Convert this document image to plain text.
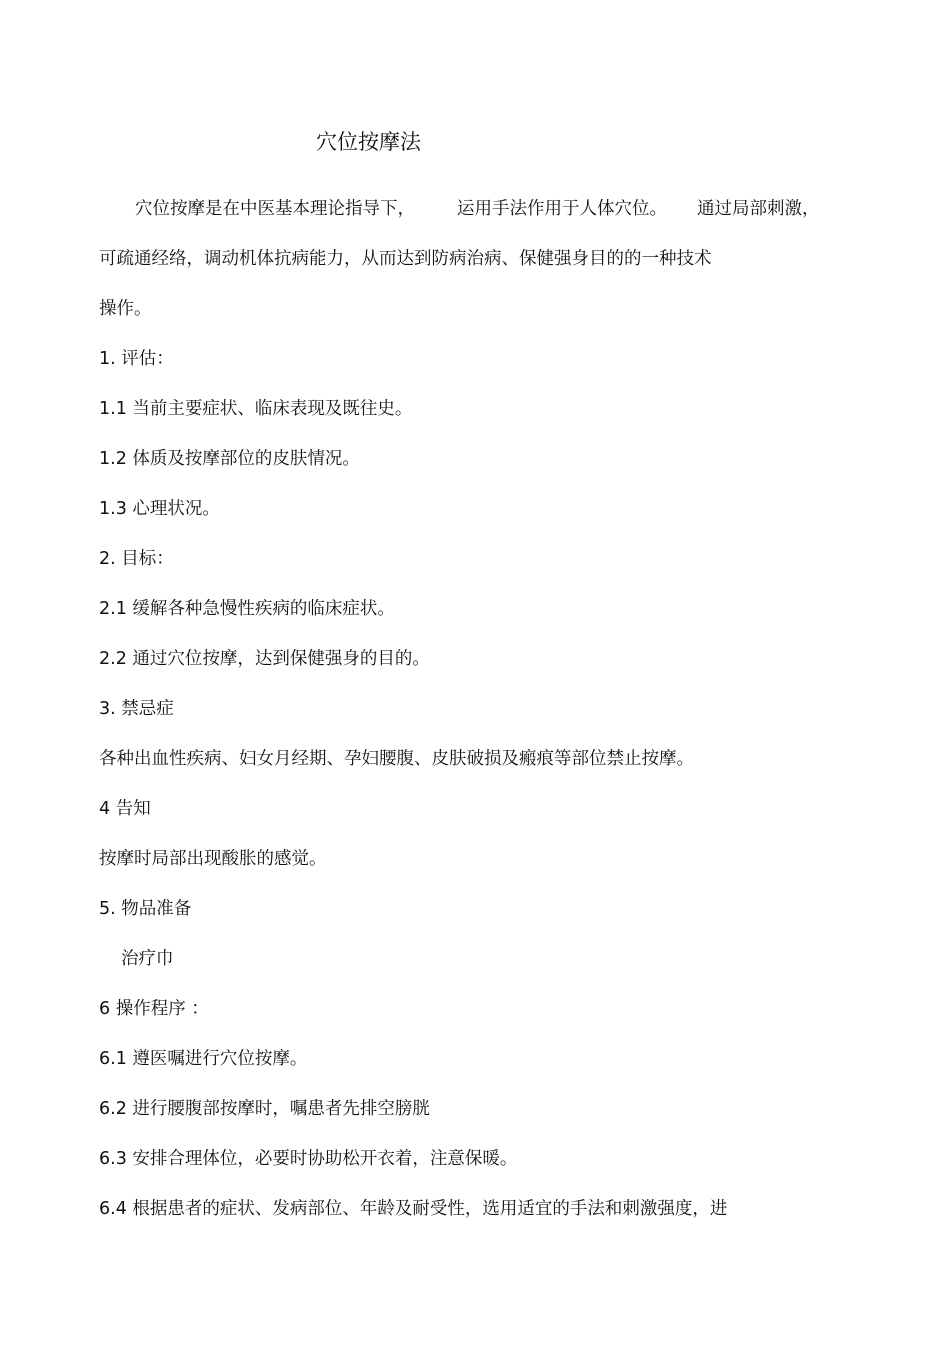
穴位按摩法
穴位按摩是在中医基本理论指导下， 运用手法作用于人体穴位。 通过局部刺激，
可疏通经络，调动机体抗病能力，从而达到防病治病、保健强身目的的一种技术
操作。
1. 评估：
1.1 当前主要症状、临床表现及既往史。
1.2 体质及按摩部位的皮肤情况。
1.3 心理状况。
2. 目标：
2.1 缓解各种急慢性疾病的临床症状。
2.2 通过穴位按摩，达到保健强身的目的。
3. 禁忌症
各种出血性疾病、妇女月经期、孕妇腰腹、皮肤破损及瘢痕等部位禁止按摩。
4 告知
按摩时局部出现酸胀的感觉。
5. 物品准备
治疗巾
6 操作程序 ：
6.1 遵医嘱进行穴位按摩。
6.2 进行腰腹部按摩时，嘱患者先排空膀胱
6.3 安排合理体位，必要时协助松开衣着，注意保暖。
6.4 根据患者的症状、发病部位、年龄及耐受性，选用适宜的手法和刺激强度，进
